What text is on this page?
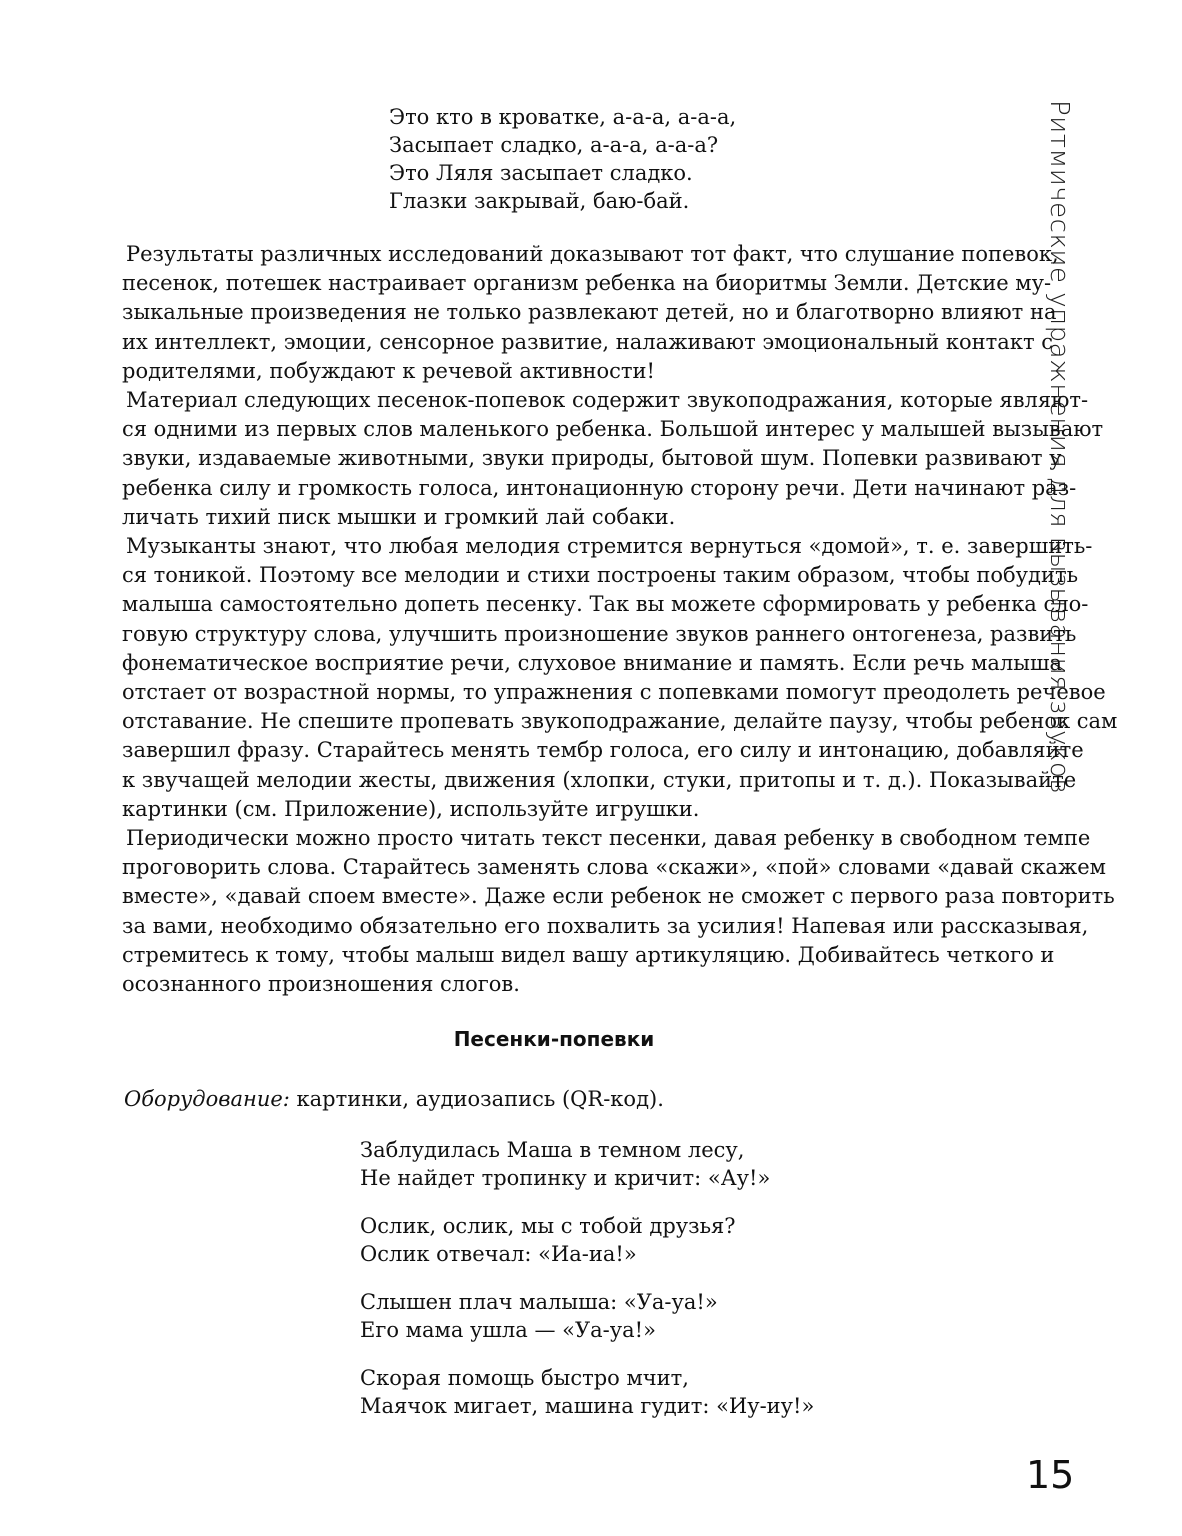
Ритмические упражнения для вызывания звуков
Это кто в кроватке, а-а-а, а-а-а,
Засыпает сладко, а-а-а, а-а-а?
Это Ляля засыпает сладко.
Глазки закрывай, баю-бай.

Результаты различных исследований доказывают тот факт, что слушание попевок,
песенок, потешек настраивает организм ребенка на биоритмы Земли. Детские му-
зыкальные произведения не только развлекают детей, но и благотворно влияют на
их интеллект, эмоции, сенсорное развитие, налаживают эмоциональный контакт с
родителями, побуждают к речевой активности!

Материал следующих песенок-попевок содержит звукоподражания, которые являют-
ся одними из первых слов маленького ребенка. Большой интерес у малышей вызывают
звуки, издаваемые животными, звуки природы, бытовой шум. Попевки развивают у
ребенка силу и громкость голоса, интонационную сторону речи. Дети начинают раз-
личать тихий писк мышки и громкий лай собаки.

Музыканты знают, что любая мелодия стремится вернуться «домой», т. е. завершить-
ся тоникой. Поэтому все мелодии и стихи построены таким образом, чтобы побудить
малыша самостоятельно допеть песенку. Так вы можете сформировать у ребенка сло-
говую структуру слова, улучшить произношение звуков раннего онтогенеза, развить
фонематическое восприятие речи, слуховое внимание и память. Если речь малыша
отстает от возрастной нормы, то упражнения с попевками помогут преодолеть речевое
отставание. Не спешите пропевать звукоподражание, делайте паузу, чтобы ребенок сам
завершил фразу. Старайтесь менять тембр голоса, его силу и интонацию, добавляйте
к звучащей мелодии жесты, движения (хлопки, стуки, притопы и т. д.). Показывайте
картинки (см. Приложение), используйте игрушки.

Периодически можно просто читать текст песенки, давая ребенку в свободном темпе
проговорить слова. Старайтесь заменять слова «скажи», «пой» словами «давай скажем
вместе», «давай споем вместе». Даже если ребенок не сможет с первого раза повторить
за вами, необходимо обязательно его похвалить за усилия! Напевая или рассказывая,
стремитесь к тому, чтобы малыш видел вашу артикуляцию. Добивайтесь четкого и
осознанного произношения слогов.

Песенки-попевки
Оборудование: картинки, аудиозапись (QR-код).
Заблудилась Маша в темном лесу,
Не найдет тропинку и кричит: «Ау!»
Ослик, ослик, мы с тобой друзья?
Ослик отвечал: «Иа-иа!»
Слышен плач малыша: «Уа-уа!»
Его мама ушла — «Уа-уа!»
Скорая помощь быстро мчит,
Маячок мигает, машина гудит: «Иу-иу!»
15
